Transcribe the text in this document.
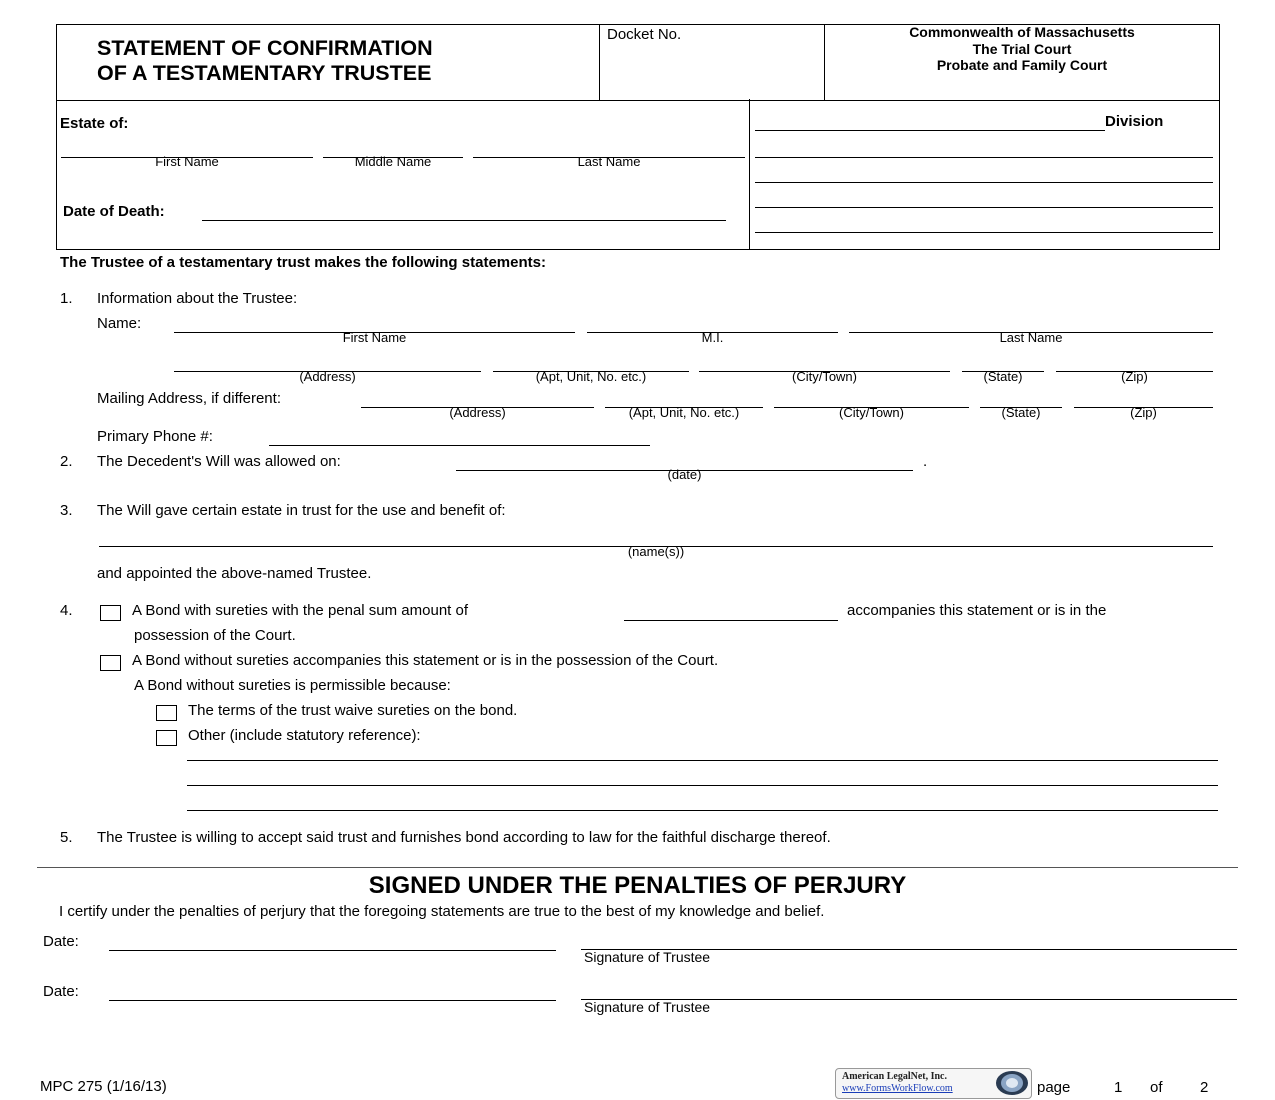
STATEMENT OF CONFIRMATION
OF A TESTAMENTARY TRUSTEE
Docket No.	Commonwealth of Massachusetts
The Trial Court
Probate and Family Court
Estate of:
First Name	Middle Name	Last Name
Date of Death:
Division
The Trustee of a testamentary trust makes the following statements:
1. Information about the Trustee:
Name:
First Name	M.I.	Last Name
(Address)	(Apt, Unit, No. etc.)	(City/Town)	(State)	(Zip)
Mailing Address, if different:
(Address)	(Apt, Unit, No. etc.)	(City/Town)	(State)	(Zip)
Primary Phone #:
2. The Decedent's Will was allowed on:	.
(date)
3. The Will gave certain estate in trust for the use and benefit of:
(name(s))
and appointed the above-named Trustee.
4.	A Bond with sureties with the penal sum amount of	accompanies this statement or is in the
possession of the Court.
A Bond without sureties accompanies this statement or is in the possession of the Court.
A Bond without sureties is permissible because:
The terms of the trust waive sureties on the bond.
Other (include statutory reference):
5. The Trustee is willing to accept said trust and furnishes bond according to law for the faithful discharge thereof.
SIGNED UNDER THE PENALTIES OF PERJURY
I certify under the penalties of perjury that the foregoing statements are true to the best of my knowledge and belief.
Date:
Signature of Trustee
Date:
Signature of Trustee
MPC 275 (1/16/13)
American LegalNet, Inc.
www.FormsWorkFlow.com	page	1 of 2
